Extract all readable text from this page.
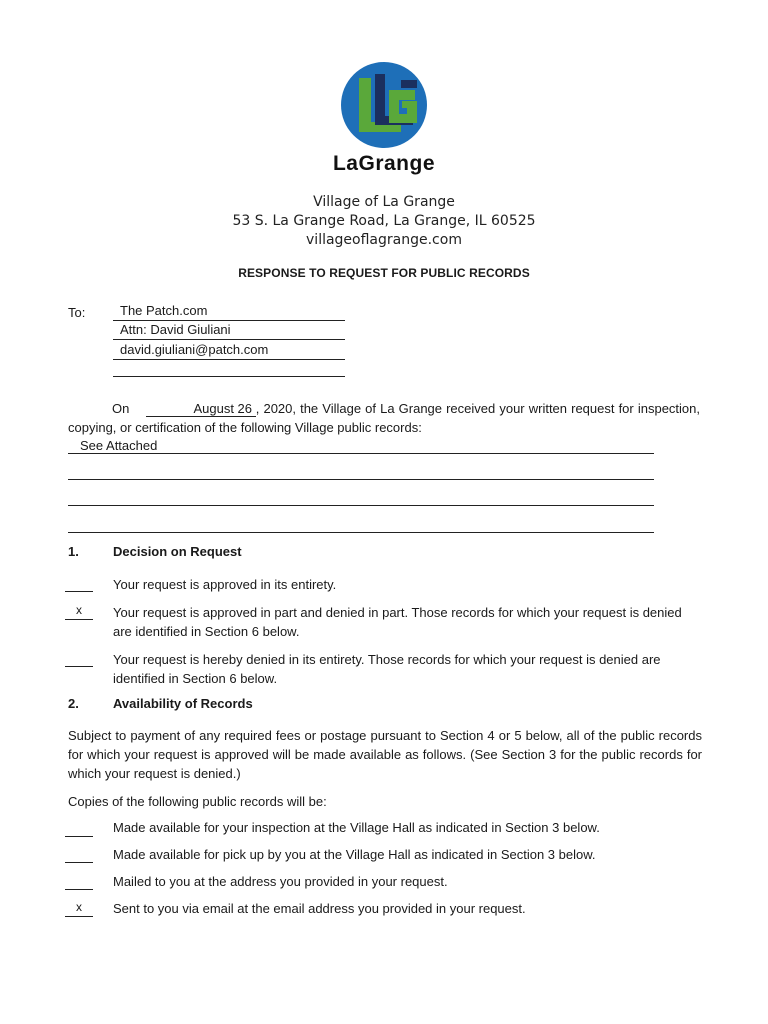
LaGrange
Village of La Grange
53 S. La Grange Road, La Grange, IL 60525
villageoflagrange.com
RESPONSE TO REQUEST FOR PUBLIC RECORDS
To:	The Patch.com
Attn: David Giuliani
david.giuliani@patch.com
On	August 26 , 2020, the Village of La Grange received your written request for inspection, copying, or certification of the following Village public records:
See Attached
1.	Decision on Request
Your request is approved in its entirety.
x	Your request is approved in part and denied in part. Those records for which your request is denied are identified in Section 6 below.
Your request is hereby denied in its entirety. Those records for which your request is denied are identified in Section 6 below.
2.	Availability of Records
Subject to payment of any required fees or postage pursuant to Section 4 or 5 below, all of the public records for which your request is approved will be made available as follows. (See Section 3 for the public records for which your request is denied.)
Copies of the following public records will be:
Made available for your inspection at the Village Hall as indicated in Section 3 below.
Made available for pick up by you at the Village Hall as indicated in Section 3 below.
Mailed to you at the address you provided in your request.
x	Sent to you via email at the email address you provided in your request.
